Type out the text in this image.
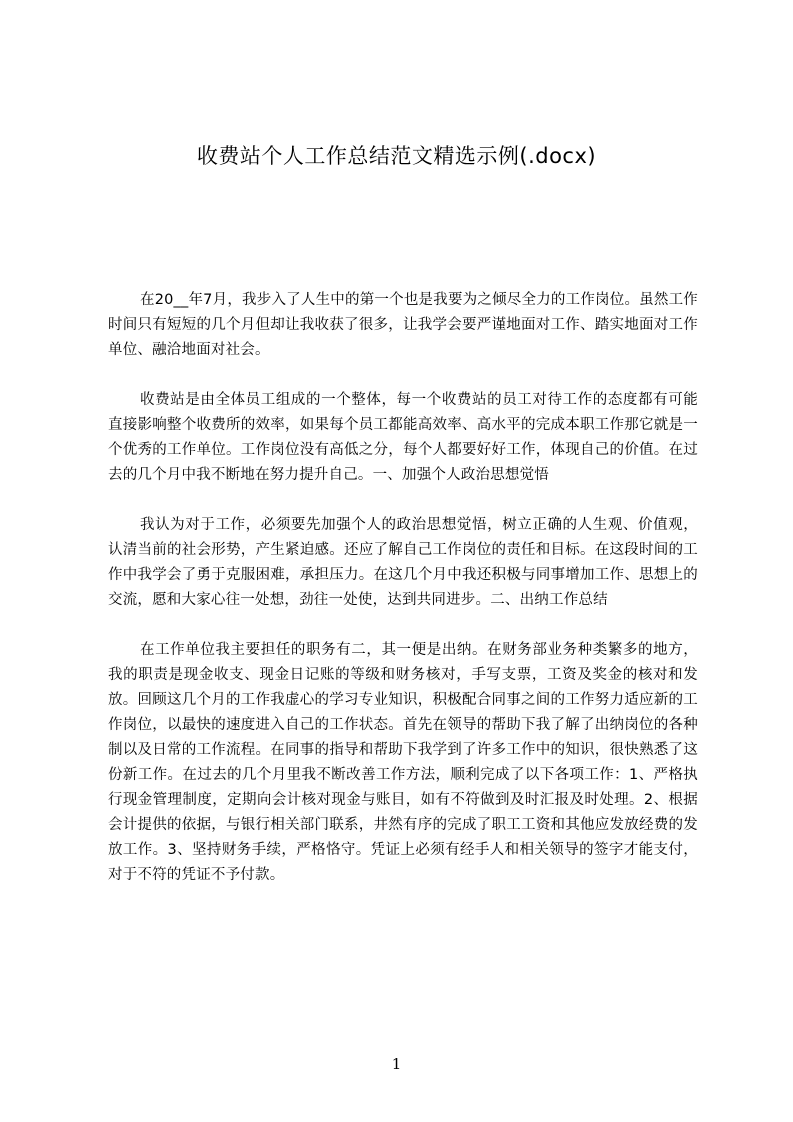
收费站个人工作总结范文精选示例(.docx)

在20__年7月，我步入了人生中的第一个也是我要为之倾尽全力的工作岗位。虽然工作时间只有短短的几个月但却让我收获了很多，让我学会要严谨地面对工作、踏实地面对工作单位、融洽地面对社会。

收费站是由全体员工组成的一个整体，每一个收费站的员工对待工作的态度都有可能直接影响整个收费所的效率，如果每个员工都能高效率、高水平的完成本职工作那它就是一个优秀的工作单位。工作岗位没有高低之分，每个人都要好好工作，体现自己的价值。在过去的几个月中我不断地在努力提升自己。一、加强个人政治思想觉悟

我认为对于工作，必须要先加强个人的政治思想觉悟，树立正确的人生观、价值观，认清当前的社会形势，产生紧迫感。还应了解自己工作岗位的责任和目标。在这段时间的工作中我学会了勇于克服困难，承担压力。在这几个月中我还积极与同事增加工作、思想上的交流，愿和大家心往一处想，劲往一处使，达到共同进步。二、出纳工作总结

在工作单位我主要担任的职务有二，其一便是出纳。在财务部业务种类繁多的地方，我的职责是现金收支、现金日记账的等级和财务核对，手写支票，工资及奖金的核对和发放。回顾这几个月的工作我虚心的学习专业知识，积极配合同事之间的工作努力适应新的工作岗位，以最快的速度进入自己的工作状态。首先在领导的帮助下我了解了出纳岗位的各种制以及日常的工作流程。在同事的指导和帮助下我学到了许多工作中的知识，很快熟悉了这份新工作。在过去的几个月里我不断改善工作方法，顺利完成了以下各项工作：1、严格执行现金管理制度，定期向会计核对现金与账目，如有不符做到及时汇报及时处理。2、根据会计提供的依据，与银行相关部门联系，井然有序的完成了职工工资和其他应发放经费的发放工作。3、坚持财务手续，严格恪守。凭证上必须有经手人和相关领导的签字才能支付，对于不符的凭证不予付款。

1
